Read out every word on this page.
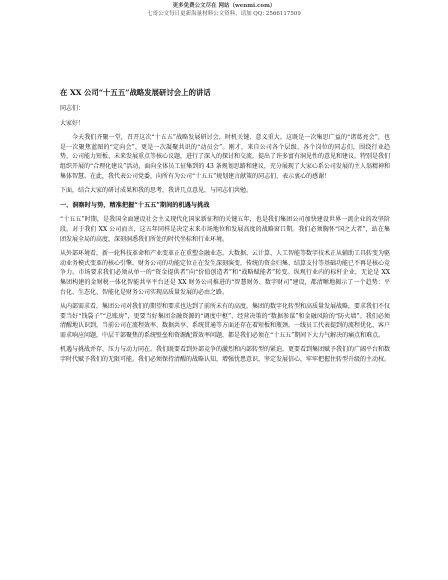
更多免费公文尽在 网站（wenmi.com）
七哥公文每日更新海量材料公文资料，请加 QQ: 2566117509
在 XX 公司“十五五”战略发展研讨会上的讲话

同志们：

大家好！

今天我们齐聚一堂，召开这次“十五五”战略发展研讨会，时机关键、意义重大。这既是一次集思广益的“诸葛亮会”，也是一次聚焦蓝图的“定向会”，更是一次凝聚共识的“动员会”。刚才，来自公司各个层级、各个岗位的同志们，围绕行业趋势、公司能力短板、未来发展重点等核心议题，进行了深入的探讨和交流，提出了许多富有洞见性的意见和建议。特别是我们组织开展的“合理化建议”活动，面向全体员工征集到的 43 条规划思路和建议，充分展现了大家心系公司发展的主人翁精神和集体智慧。在此，我代表公司党委，向所有为公司“十五五”规划建言献策的同志们，表示衷心的感谢！

下面，结合大家的研讨成果和我的思考，我讲几点意见，与同志们共勉。

一、洞察时与势，精准把握“十五五”期间的机遇与挑战

“十五五”时期，是我国全面建设社会主义现代化国家新征程的关键五年，也是我们集团公司加快建设世界一流企业的攻坚阶段。对于我们 XX 公司而言，这五年同样是决定未来市场地位和发展高度的战略窗口期。我们必须胸怀“国之大者”，站在集团发展全局的高度，深刻洞悉我们所处的时代坐标和行业环境。

从外部环境看，新一轮科技革命和产业变革正在重塑金融业态。大数据、云计算、人工智能等数字技术正从辅助工具转变为驱动业务模式变革的核心引擎，财务公司的功能定位正在发生深刻演变，传统的资金归集、结算支付等基础功能已不再是核心竞争力。市场要求我们必须从单一的“资金提供者”向“价值创造者”和“战略赋能者”转变。纵观行业内的标杆企业，无论是 XX 集团构建的金财税一体化智能共享平台还是 XX 财务公司推进的“智慧财务、数字财司”建设，都清晰地揭示了一个趋势：平台化、生态化、智能化是财务公司实现高质量发展的必由之路。

从内部需求看，集团公司对我们的期望和要求也达到了前所未有的高度。集团的数字化转型和高质量发展战略，要求我们不仅要当好“钱袋子”“总账房”，更要当好集团金融资源的“调度中枢”、经营决策的“数据参谋”和金融风险的“防火墙”。我们必须清醒地认识到，当前公司在流程效率、数据共享、系统贯通等方面还存在着短板和瓶颈。一线员工代表提到的流程优化、客户需求响应问题，中层干部聚焦的系统壁垒和资源配置效率问题，都是我们必须在“十五五”期间下大力气解决的痛点和难点。

机遇与挑战并存，压力与动力同在。我们既要看到外部竞争的激烈和内部转型的紧迫，更要看到集团赋予我们的广阔平台和数字时代赋予我们的无限可能。我们必须保持清醒的战略认知，增强忧患意识，坚定发展信心，牢牢把握住转型升级的主动权。
